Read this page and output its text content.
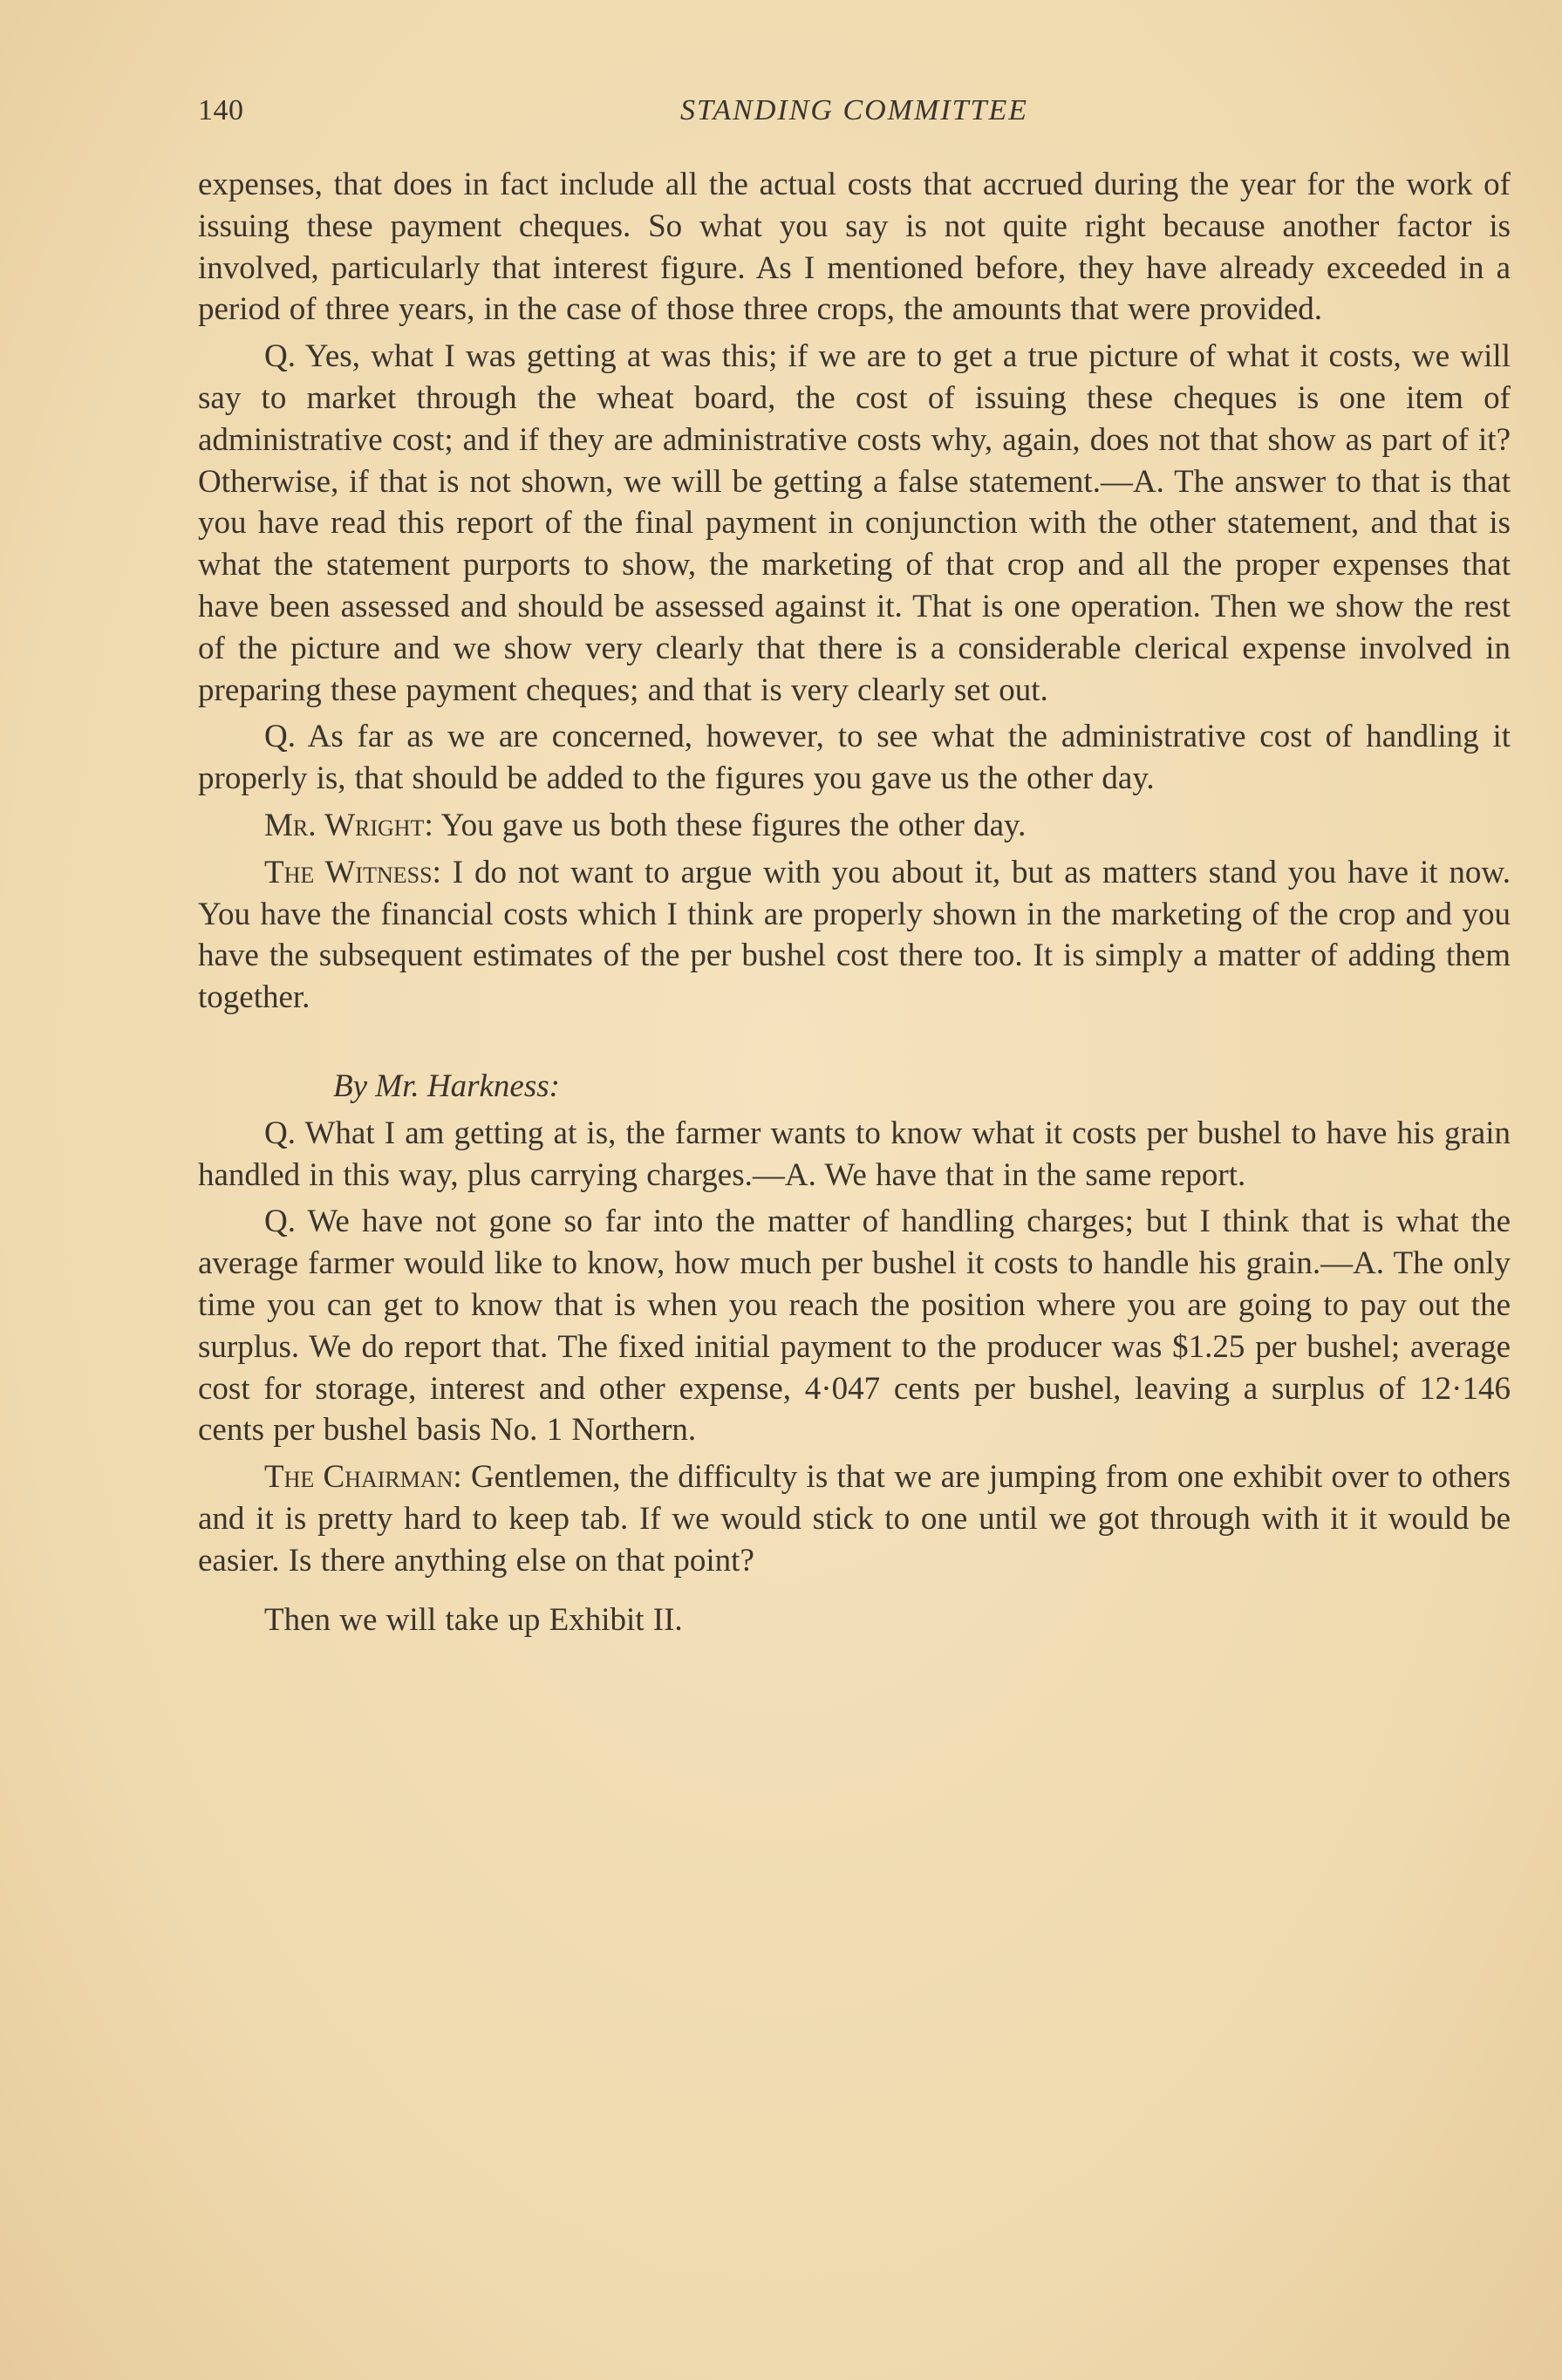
140	STANDING COMMITTEE

expenses, that does in fact include all the actual costs that accrued during the year for the work of issuing these payment cheques. So what you say is not quite right because another factor is involved, particularly that interest figure. As I mentioned before, they have already exceeded in a period of three years, in the case of those three crops, the amounts that were provided.

Q. Yes, what I was getting at was this; if we are to get a true picture of what it costs, we will say to market through the wheat board, the cost of issuing these cheques is one item of administrative cost; and if they are administrative costs why, again, does not that show as part of it? Otherwise, if that is not shown, we will be getting a false statement.—A. The answer to that is that you have read this report of the final payment in conjunction with the other statement, and that is what the statement purports to show, the marketing of that crop and all the proper expenses that have been assessed and should be assessed against it. That is one operation. Then we show the rest of the picture and we show very clearly that there is a considerable clerical expense involved in preparing these payment cheques; and that is very clearly set out.

Q. As far as we are concerned, however, to see what the administrative cost of handling it properly is, that should be added to the figures you gave us the other day.

Mr. Wright: You gave us both these figures the other day.

The Witness: I do not want to argue with you about it, but as matters stand you have it now. You have the financial costs which I think are properly shown in the marketing of the crop and you have the subsequent estimates of the per bushel cost there too. It is simply a matter of adding them together.

By Mr. Harkness:

Q. What I am getting at is, the farmer wants to know what it costs per bushel to have his grain handled in this way, plus carrying charges.—A. We have that in the same report.

Q. We have not gone so far into the matter of handling charges; but I think that is what the average farmer would like to know, how much per bushel it costs to handle his grain.—A. The only time you can get to know that is when you reach the position where you are going to pay out the surplus. We do report that. The fixed initial payment to the producer was $1.25 per bushel; average cost for storage, interest and other expense, 4·047 cents per bushel, leaving a surplus of 12·146 cents per bushel basis No. 1 Northern.

The Chairman: Gentlemen, the difficulty is that we are jumping from one exhibit over to others and it is pretty hard to keep tab. If we would stick to one until we got through with it it would be easier. Is there anything else on that point?

Then we will take up Exhibit II.
